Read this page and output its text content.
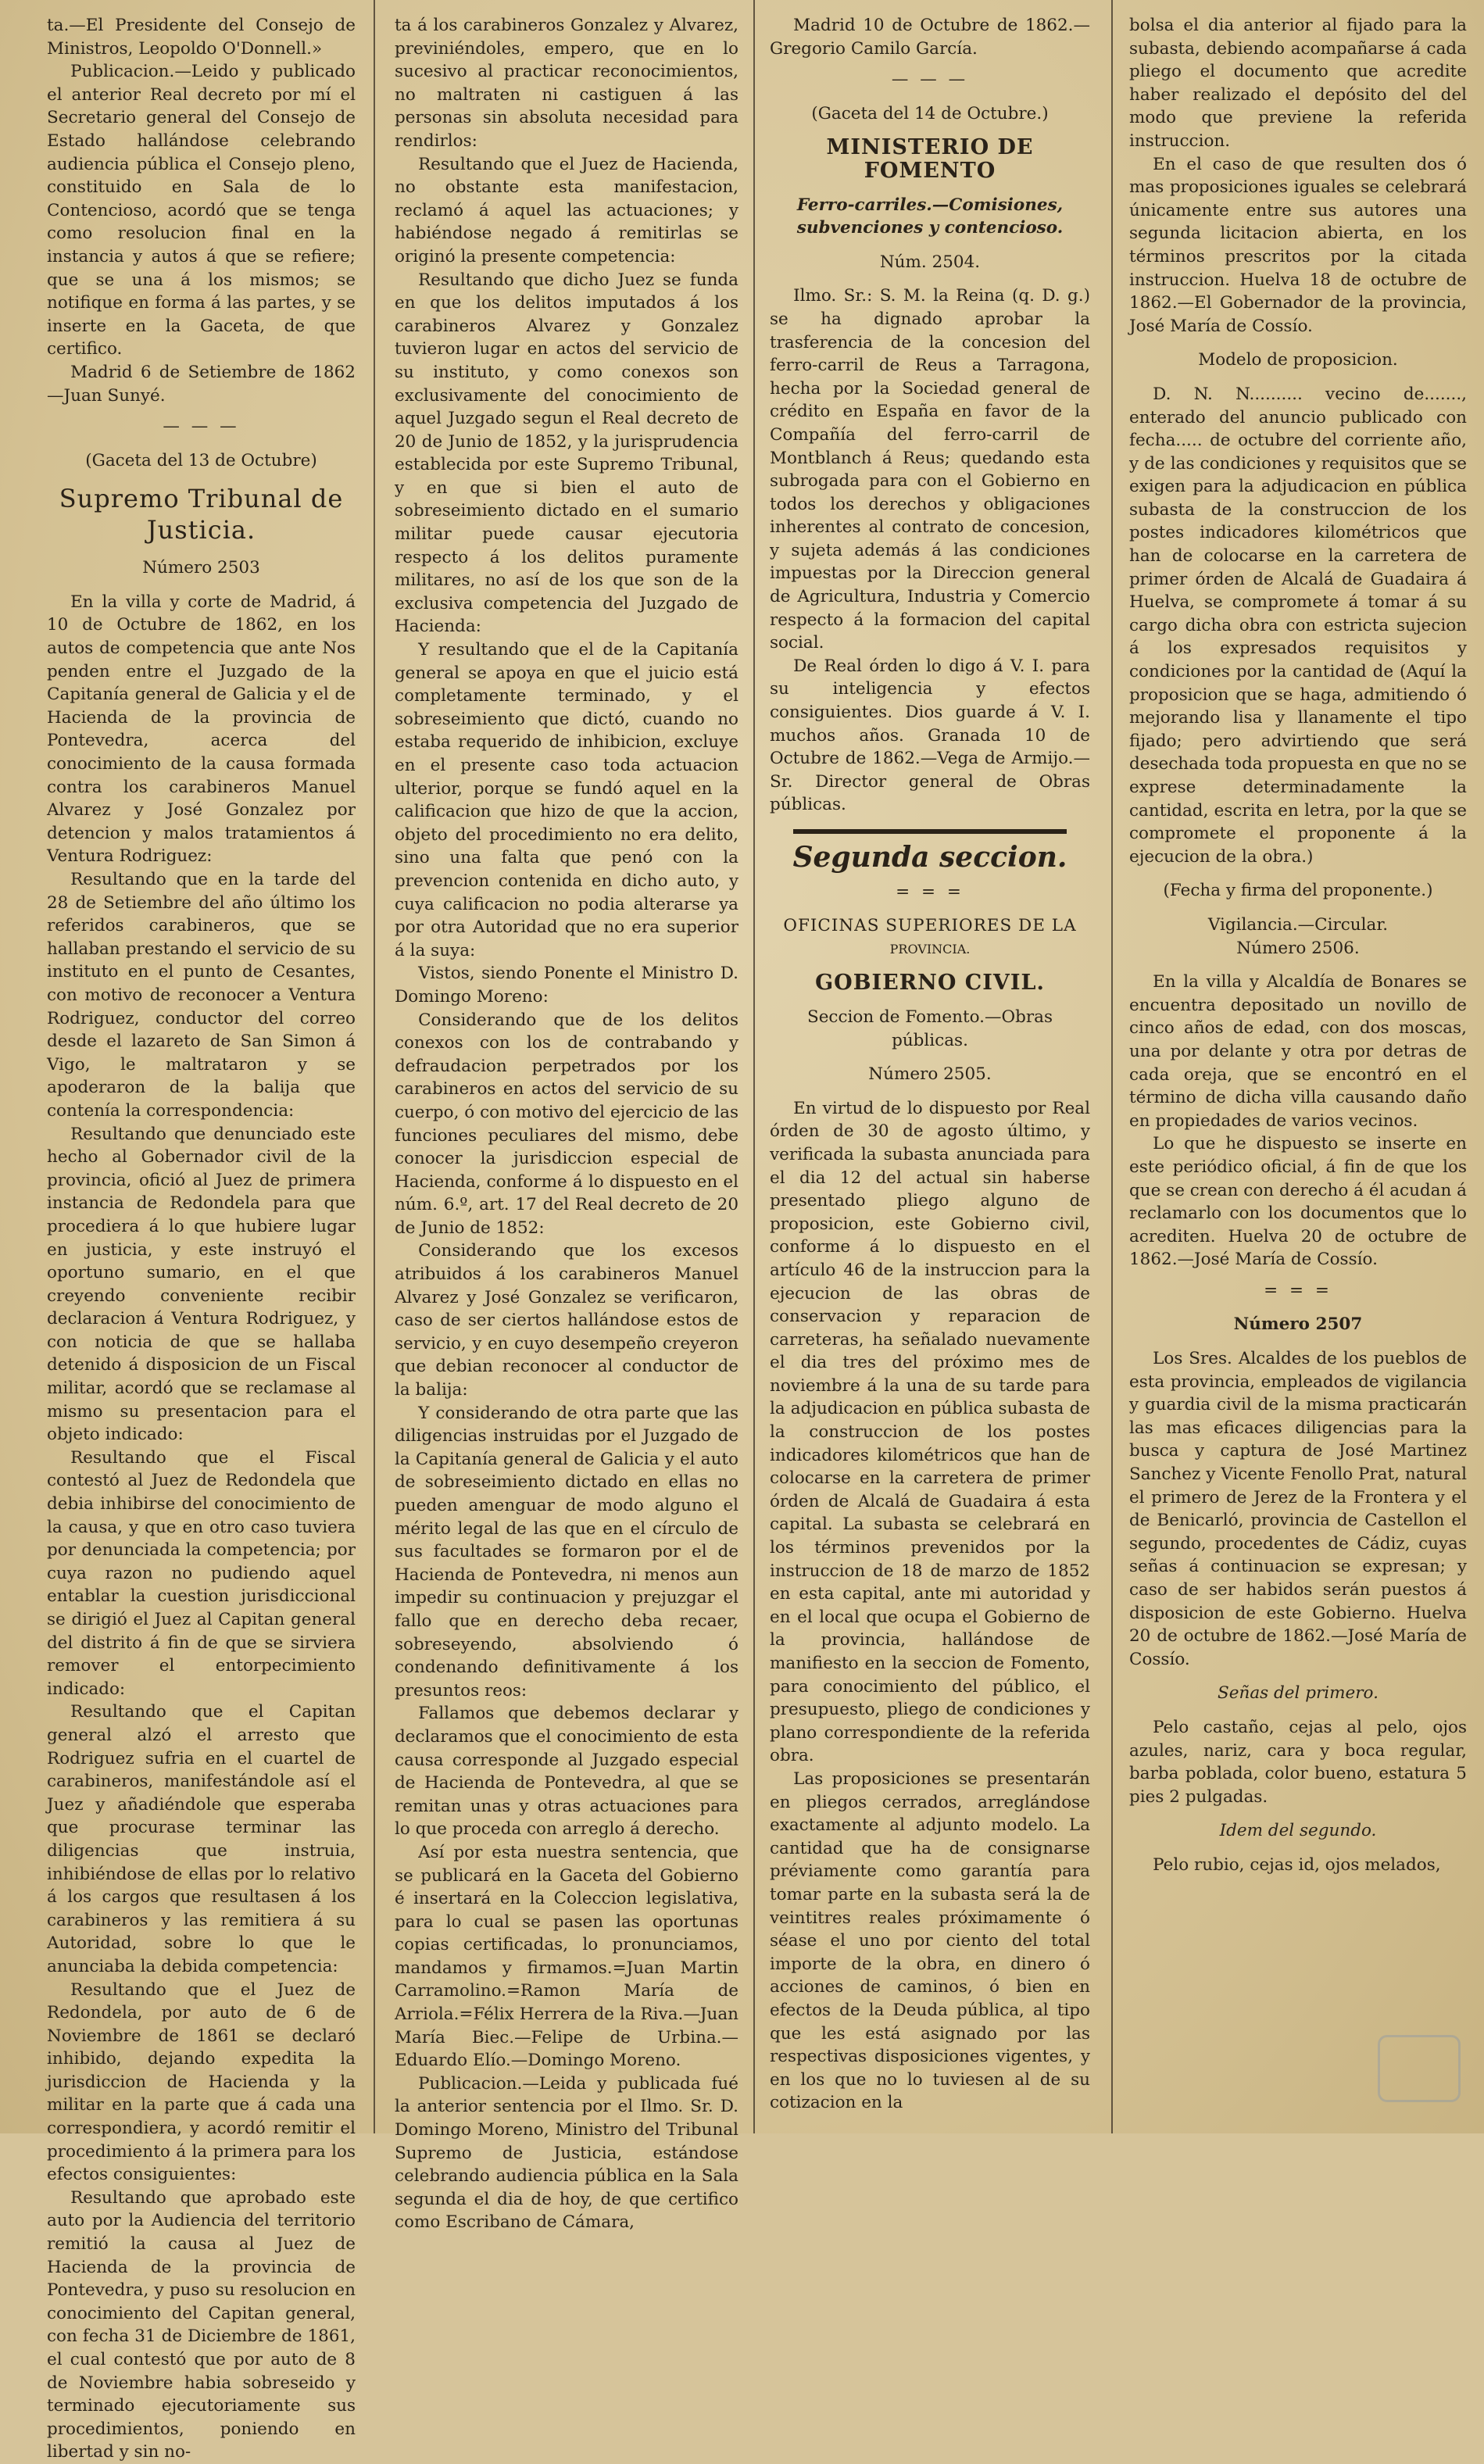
ta.—El Presidente del Consejo de Ministros, Leopoldo O'Donnell.»

Publicacion.—Leido y publicado el anterior Real decreto por mí el Secretario general del Consejo de Estado hallándose celebrando audiencia pública el Consejo pleno, constituido en Sala de lo Contencioso, acordó que se tenga como resolucion final en la instancia y autos á que se refiere; que se una á los mismos; se notifique en forma á las partes, y se inserte en la Gaceta, de que certifico.

Madrid 6 de Setiembre de 1862 —Juan Sunyé.

— — —

(Gaceta del 13 de Octubre)

Supremo Tribunal de Justicia.

Número 2503

En la villa y corte de Madrid, á 10 de Octubre de 1862, en los autos de competencia que ante Nos penden entre el Juzgado de la Capitanía general de Galicia y el de Hacienda de la provincia de Pontevedra, acerca del conocimiento de la causa formada contra los carabineros Manuel Alvarez y José Gonzalez por detencion y malos tratamientos á Ventura Rodriguez:

Resultando que en la tarde del 28 de Setiembre del año último los referidos carabineros, que se hallaban prestando el servicio de su instituto en el punto de Cesantes, con motivo de reconocer a Ventura Rodriguez, conductor del correo desde el lazareto de San Simon á Vigo, le maltrataron y se apoderaron de la balija que contenía la correspondencia:

Resultando que denunciado este hecho al Gobernador civil de la provincia, ofició al Juez de primera instancia de Redondela para que procediera á lo que hubiere lugar en justicia, y este instruyó el oportuno sumario, en el que creyendo conveniente recibir declaracion á Ventura Rodriguez, y con noticia de que se hallaba detenido á disposicion de un Fiscal militar, acordó que se reclamase al mismo su presentacion para el objeto indicado:

Resultando que el Fiscal contestó al Juez de Redondela que debia inhibirse del conocimiento de la causa, y que en otro caso tuviera por denunciada la competencia; por cuya razon no pudiendo aquel entablar la cuestion jurisdiccional se dirigió el Juez al Capitan general del distrito á fin de que se sirviera remover el entorpecimiento indicado:

Resultando que el Capitan general alzó el arresto que Rodriguez sufria en el cuartel de carabineros, manifestándole así el Juez y añadiéndole que esperaba que procurase terminar las diligencias que instruia, inhibiéndose de ellas por lo relativo á los cargos que resultasen á los carabineros y las remitiera á su Autoridad, sobre lo que le anunciaba la debida competencia:

Resultando que el Juez de Redondela, por auto de 6 de Noviembre de 1861 se declaró inhibido, dejando expedita la jurisdiccion de Hacienda y la militar en la parte que á cada una correspondiera, y acordó remitir el procedimiento á la primera para los efectos consiguientes:

Resultando que aprobado este auto por la Audiencia del territorio remitió la causa al Juez de Hacienda de la provincia de Pontevedra, y puso su resolucion en conocimiento del Capitan general, con fecha 31 de Diciembre de 1861, el cual contestó que por auto de 8 de Noviembre habia sobreseido y terminado ejecutoriamente sus procedimientos, poniendo en libertad y sin no-

ta á los carabineros Gonzalez y Alvarez, previniéndoles, empero, que en lo sucesivo al practicar reconocimientos, no maltraten ni castiguen á las personas sin absoluta necesidad para rendirlos:

Resultando que el Juez de Hacienda, no obstante esta manifestacion, reclamó á aquel las actuaciones; y habiéndose negado á remitirlas se originó la presente competencia:

Resultando que dicho Juez se funda en que los delitos imputados á los carabineros Alvarez y Gonzalez tuvieron lugar en actos del servicio de su instituto, y como conexos son exclusivamente del conocimiento de aquel Juzgado segun el Real decreto de 20 de Junio de 1852, y la jurisprudencia establecida por este Supremo Tribunal, y en que si bien el auto de sobreseimiento dictado en el sumario militar puede causar ejecutoria respecto á los delitos puramente militares, no así de los que son de la exclusiva competencia del Juzgado de Hacienda:

Y resultando que el de la Capitanía general se apoya en que el juicio está completamente terminado, y el sobreseimiento que dictó, cuando no estaba requerido de inhibicion, excluye en el presente caso toda actuacion ulterior, porque se fundó aquel en la calificacion que hizo de que la accion, objeto del procedimiento no era delito, sino una falta que penó con la prevencion contenida en dicho auto, y cuya calificacion no podia alterarse ya por otra Autoridad que no era superior á la suya:

Vistos, siendo Ponente el Ministro D. Domingo Moreno:

Considerando que de los delitos conexos con los de contrabando y defraudacion perpetrados por los carabineros en actos del servicio de su cuerpo, ó con motivo del ejercicio de las funciones peculiares del mismo, debe conocer la jurisdiccion especial de Hacienda, conforme á lo dispuesto en el núm. 6.º, art. 17 del Real decreto de 20 de Junio de 1852:

Considerando que los excesos atribuidos á los carabineros Manuel Alvarez y José Gonzalez se verificaron, caso de ser ciertos hallándose estos de servicio, y en cuyo desempeño creyeron que debian reconocer al conductor de la balija:

Y considerando de otra parte que las diligencias instruidas por el Juzgado de la Capitanía general de Galicia y el auto de sobreseimiento dictado en ellas no pueden amenguar de modo alguno el mérito legal de las que en el círculo de sus facultades se formaron por el de Hacienda de Pontevedra, ni menos aun impedir su continuacion y prejuzgar el fallo que en derecho deba recaer, sobreseyendo, absolviendo ó condenando definitivamente á los presuntos reos:

Fallamos que debemos declarar y declaramos que el conocimiento de esta causa corresponde al Juzgado especial de Hacienda de Pontevedra, al que se remitan unas y otras actuaciones para lo que proceda con arreglo á derecho.

Así por esta nuestra sentencia, que se publicará en la Gaceta del Gobierno é insertará en la Coleccion legislativa, para lo cual se pasen las oportunas copias certificadas, lo pronunciamos, mandamos y firmamos.=Juan Martin Carramolino.=Ramon María de Arriola.=Félix Herrera de la Riva.—Juan María Biec.—Felipe de Urbina.—Eduardo Elío.—Domingo Moreno.

Publicacion.—Leida y publicada fué la anterior sentencia por el Ilmo. Sr. D. Domingo Moreno, Ministro del Tribunal Supremo de Justicia, estándose celebrando audiencia pública en la Sala segunda el dia de hoy, de que certifico como Escribano de Cámara,

Madrid 10 de Octubre de 1862.—Gregorio Camilo García.

— — —

(Gaceta del 14 de Octubre.)

MINISTERIO DE FOMENTO

Ferro-carriles.—Comisiones, subvenciones y contencioso.

Núm. 2504.

Ilmo. Sr.: S. M. la Reina (q. D. g.) se ha dignado aprobar la trasferencia de la concesion del ferro-carril de Reus a Tarragona, hecha por la Sociedad general de crédito en España en favor de la Compañía del ferro-carril de Montblanch á Reus; quedando esta subrogada para con el Gobierno en todos los derechos y obligaciones inherentes al contrato de concesion, y sujeta además á las condiciones impuestas por la Direccion general de Agricultura, Industria y Comercio respecto á la formacion del capital social.

De Real órden lo digo á V. I. para su inteligencia y efectos consiguientes. Dios guarde á V. I. muchos años. Granada 10 de Octubre de 1862.—Vega de Armijo.—Sr. Director general de Obras públicas.

Segunda seccion.

= = =

OFICINAS SUPERIORES DE LA

PROVINCIA.

GOBIERNO CIVIL.

Seccion de Fomento.—Obras públicas.

Número 2505.

En virtud de lo dispuesto por Real órden de 30 de agosto último, y verificada la subasta anunciada para el dia 12 del actual sin haberse presentado pliego alguno de proposicion, este Gobierno civil, conforme á lo dispuesto en el artículo 46 de la instruccion para la ejecucion de las obras de conservacion y reparacion de carreteras, ha señalado nuevamente el dia tres del próximo mes de noviembre á la una de su tarde para la adjudicacion en pública subasta de la construccion de los postes indicadores kilométricos que han de colocarse en la carretera de primer órden de Alcalá de Guadaira á esta capital. La subasta se celebrará en los términos prevenidos por la instruccion de 18 de marzo de 1852 en esta capital, ante mi autoridad y en el local que ocupa el Gobierno de la provincia, hallándose de manifiesto en la seccion de Fomento, para conocimiento del público, el presupuesto, pliego de condiciones y plano correspondiente de la referida obra.

Las proposiciones se presentarán en pliegos cerrados, arreglándose exactamente al adjunto modelo. La cantidad que ha de consignarse préviamente como garantía para tomar parte en la subasta será la de veintitres reales próximamente ó séase el uno por ciento del total importe de la obra, en dinero ó acciones de caminos, ó bien en efectos de la Deuda pública, al tipo que les está asignado por las respectivas disposiciones vigentes, y en los que no lo tuviesen al de su cotizacion en la

bolsa el dia anterior al fijado para la subasta, debiendo acompañarse á cada pliego el documento que acredite haber realizado el depósito del del modo que previene la referida instruccion.

En el caso de que resulten dos ó mas proposiciones iguales se celebrará únicamente entre sus autores una segunda licitacion abierta, en los términos prescritos por la citada instruccion. Huelva 18 de octubre de 1862.—El Gobernador de la provincia, José María de Cossío.

Modelo de proposicion.

D. N. N.......... vecino de......., enterado del anuncio publicado con fecha..... de octubre del corriente año, y de las condiciones y requisitos que se exigen para la adjudicacion en pública subasta de la construccion de los postes indicadores kilométricos que han de colocarse en la carretera de primer órden de Alcalá de Guadaira á Huelva, se compromete á tomar á su cargo dicha obra con estricta sujecion á los expresados requisitos y condiciones por la cantidad de (Aquí la proposicion que se haga, admitiendo ó mejorando lisa y llanamente el tipo fijado; pero advirtiendo que será desechada toda propuesta en que no se exprese determinadamente la cantidad, escrita en letra, por la que se compromete el proponente á la ejecucion de la obra.)

(Fecha y firma del proponente.)

Vigilancia.—Circular.

Número 2506.

En la villa y Alcaldía de Bonares se encuentra depositado un novillo de cinco años de edad, con dos moscas, una por delante y otra por detras de cada oreja, que se encontró en el término de dicha villa causando daño en propiedades de varios vecinos.

Lo que he dispuesto se inserte en este periódico oficial, á fin de que los que se crean con derecho á él acudan á reclamarlo con los documentos que lo acrediten. Huelva 20 de octubre de 1862.—José María de Cossío.

= = =

Número 2507

Los Sres. Alcaldes de los pueblos de esta provincia, empleados de vigilancia y guardia civil de la misma practicarán las mas eficaces diligencias para la busca y captura de José Martinez Sanchez y Vicente Fenollo Prat, natural el primero de Jerez de la Frontera y el de Benicarló, provincia de Castellon el segundo, procedentes de Cádiz, cuyas señas á continuacion se expresan; y caso de ser habidos serán puestos á disposicion de este Gobierno. Huelva 20 de octubre de 1862.—José María de Cossío.

Señas del primero.

Pelo castaño, cejas al pelo, ojos azules, nariz, cara y boca regular, barba poblada, color bueno, estatura 5 pies 2 pulgadas.

Idem del segundo.

Pelo rubio, cejas id, ojos melados,
